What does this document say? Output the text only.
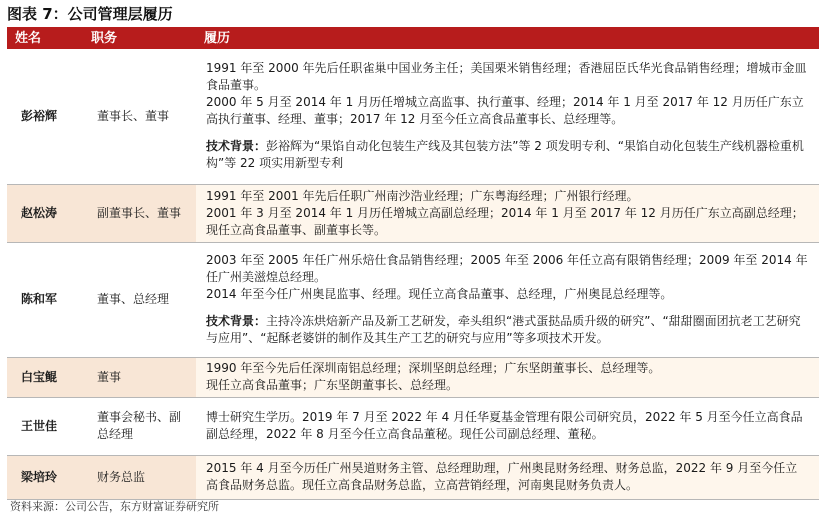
图表 7：公司管理层履历
姓名	职务	履历
彭裕辉	董事长、董事	1991 年至 2000 年先后任职雀巢中国业务主任；美国栗米销售经理；香港屈臣氏华光食品销售经理；增城市金皿食品董事。
2000 年 5 月至 2014 年 1 月历任增城立高监事、执行董事、经理；2014 年 1 月至 2017 年 12 月历任广东立高执行董事、经理、董事；2017 年 12 月至今任立高食品董事长、总经理等。
技术背景：彭裕辉为“果馅自动化包装生产线及其包装方法”等 2 项发明专利、“果馅自动化包装生产线机器检重机构”等 22 项实用新型专利

赵松涛	副董事长、董事	1991 年至 2001 年先后任职广州南沙浩业经理；广东粤海经理；广州银行经理。
2001 年 3 月至 2014 年 1 月历任增城立高副总经理；2014 年 1 月至 2017 年 12 月历任广东立高副总经理；现任立高食品董事、副董事长等。

陈和军	董事、总经理	2003 年至 2005 年任广州乐焙仕食品销售经理；2005 年至 2006 年任立高有限销售经理；2009 年至 2014 年任广州美滋煌总经理。
2014 年至今任广州奥昆监事、经理。现任立高食品董事、总经理，广州奥昆总经理等。
技术背景：主持冷冻烘焙新产品及新工艺研发，牵头组织“港式蛋挞品质升级的研究”、“甜甜圈面团抗老工艺研究与应用”、“起酥老婆饼的制作及其生产工艺的研究与应用”等多项技术开发。

白宝鲲	董事	1990 年至今先后任深圳南铝总经理；深圳坚朗总经理；广东坚朗董事长、总经理等。
现任立高食品董事；广东坚朗董事长、总经理。

王世佳	董事会秘书、副总经理	博士研究生学历。2019 年 7 月至 2022 年 4 月任华夏基金管理有限公司研究员，2022 年 5 月至今任立高食品副总经理，2022 年 8 月至今任立高食品董秘。现任公司副总经理、董秘。

梁培玲	财务总监	2015 年 4 月至今历任广州昊道财务主管、总经理助理，广州奥昆财务经理、财务总监，2022 年 9 月至今任立高食品财务总监。现任立高食品财务总监，立高营销经理，河南奥昆财务负责人。
资料来源：公司公告，东方财富证券研究所
